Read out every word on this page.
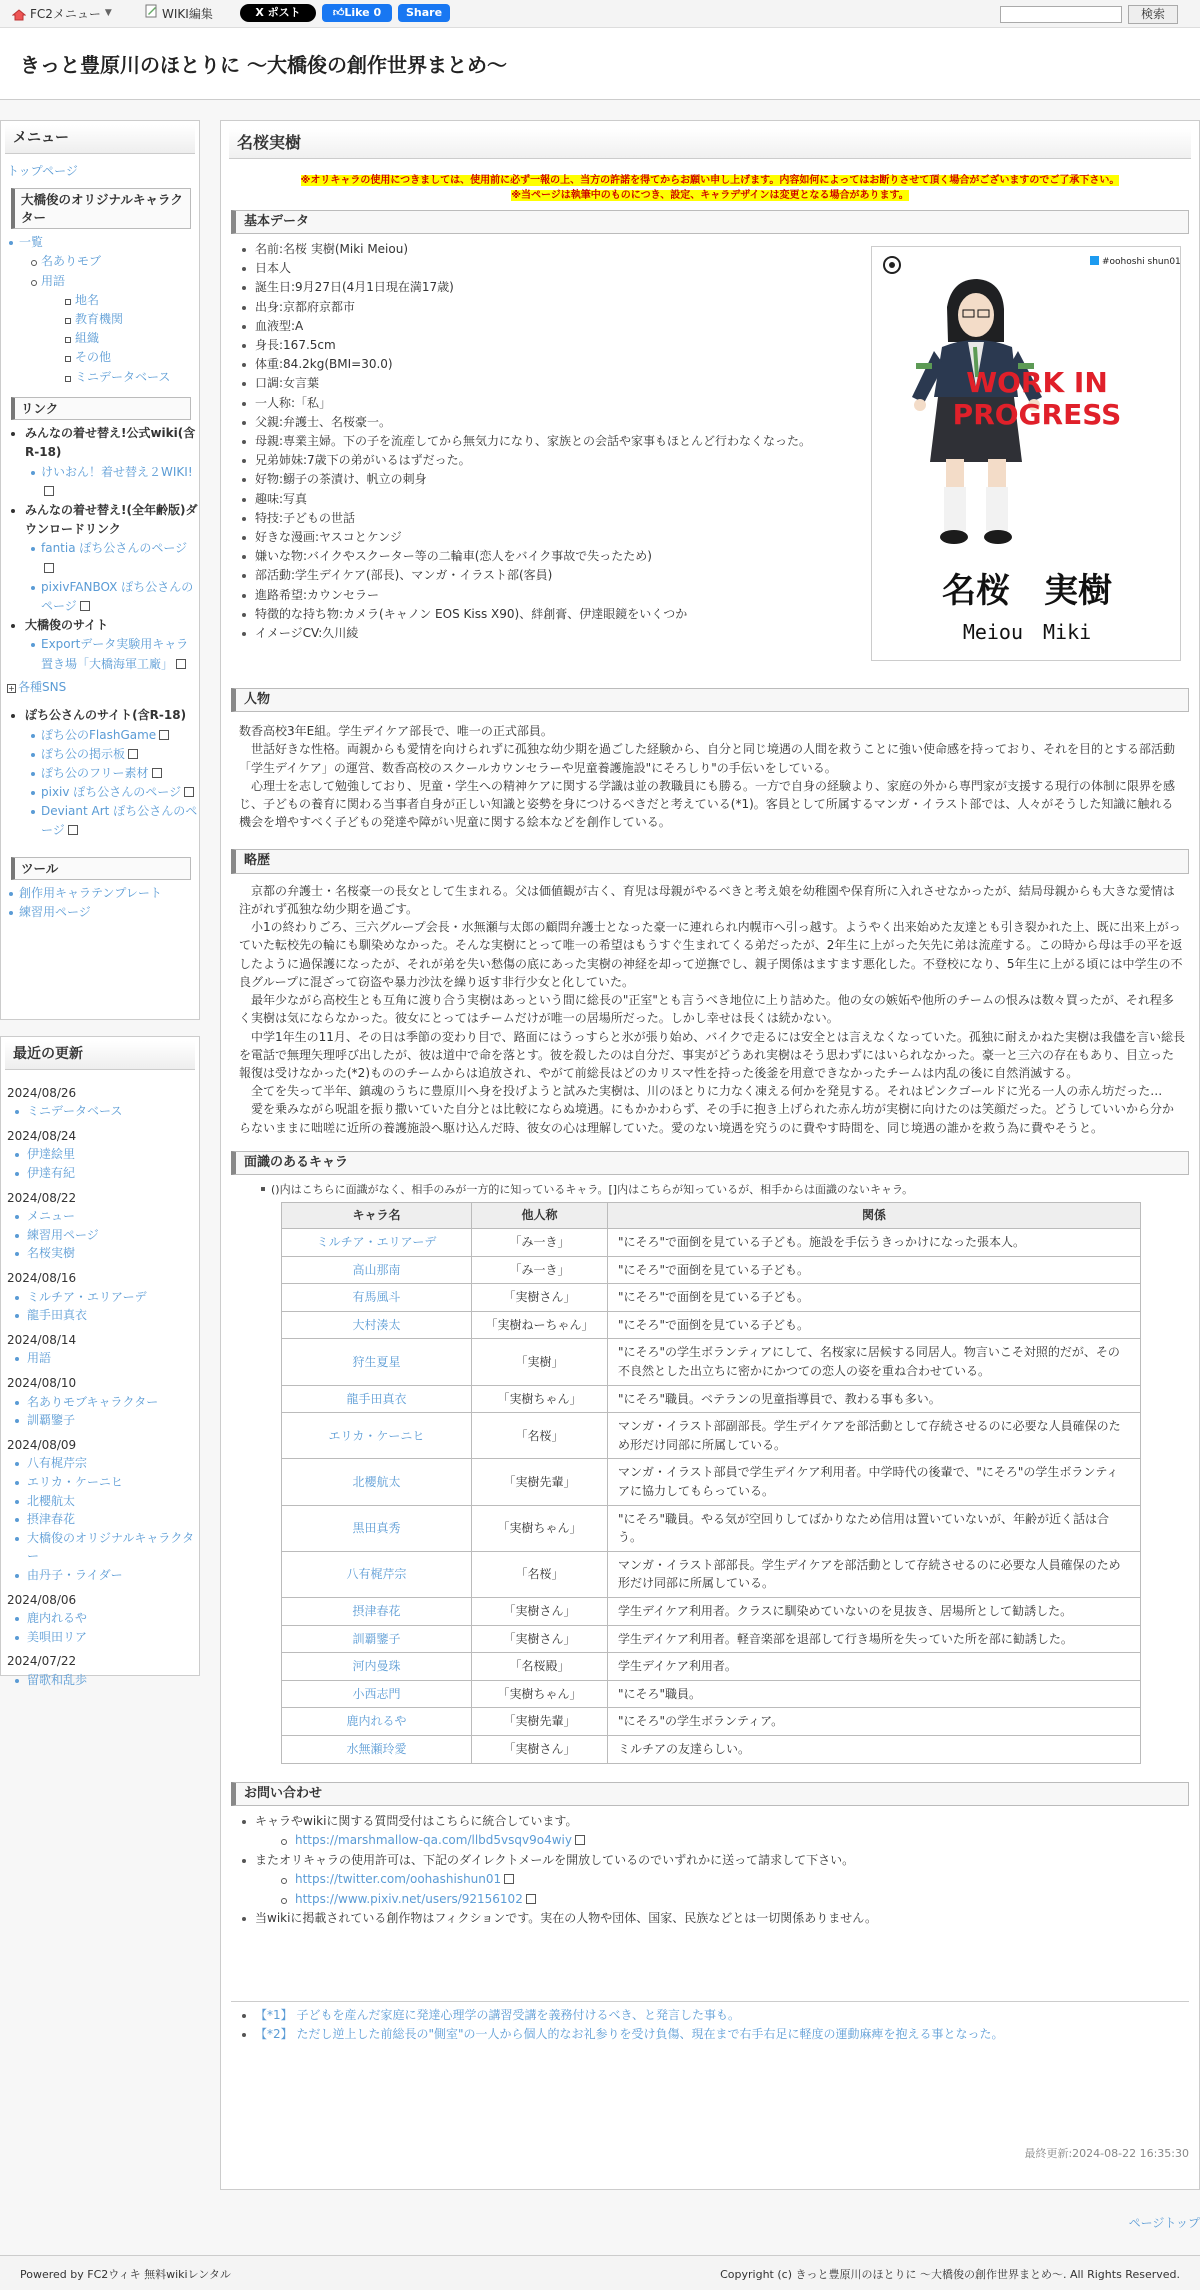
FC2メニュー ▼	WIKI編集	X ポスト	👍︎ Like 0 Share	検索
きっと豊原川のほとりに 〜大橋俊の創作世界まとめ〜
メニュー
トップページ
大橋俊のオリジナルキャラクター
一覧
名ありモブ
用語
地名
教育機関
組織
その他
ミニデータベース
リンク
みんなの着せ替え!公式wiki(含R-18)
けいおん！着せ替え２WIKI!
みんなの着せ替え!(全年齢版)ダウンロードリンク
fantia ぽち公さんのページ
pixivFANBOX ぽち公さんのページ
大橋俊のサイト
Exportデータ実験用キャラ置き場「大橋海軍工廠」
+ 各種SNS
ぽち公さんのサイト(含R-18)
ぽち公のFlashGame
ぽち公の掲示板
ぽち公のフリー素材
pixiv ぽち公さんのページ
Deviant Art ぽち公さんのページ
ツール
創作用キャラテンプレート
練習用ページ
最近の更新
2024/08/26
ミニデータベース
2024/08/24
伊達絵里
伊達有紀
2024/08/22
メニュー
練習用ページ
名桜実樹
2024/08/16
ミルチア・エリアーデ
龍手田真衣
2024/08/14
用語
2024/08/10
名ありモブキャラクター
訓覇鑒子
2024/08/09
八有梶芹宗
エリカ・ケーニヒ
北櫻航太
摂津春花
大橋俊のオリジナルキャラクター
由丹子・ライダー
2024/08/06
鹿内れるや
美唄田リア
2024/07/22
留歌和乱歩
名桜実樹
※オリキャラの使用につきましては、使用前に必ず一報の上、当方の許諾を得てからお願い申し上げます。内容如何によってはお断りさせて頂く場合がございますのでご了承下さい。
※当ページは執筆中のものにつき、設定、キャラデザインは変更となる場合があります。
基本データ
名前:名桜 実樹(Miki Meiou)
日本人
誕生日:9月27日(4月1日現在満17歳)
出身:京都府京都市
血液型:A
身長:167.5cm
体重:84.2kg(BMI=30.0)
口調:女言葉
一人称:「私」
父親:弁護士、名桜豪一。
母親:専業主婦。下の子を流産してから無気力になり、家族との会話や家事もほとんど行わなくなった。
兄弟姉妹:7歳下の弟がいるはずだった。
好物:鰯子の茶漬け、帆立の刺身
趣味:写真
特技:子どもの世話
好きな漫画:ヤスコとケンジ
嫌いな物:バイクやスクーター等の二輪車(恋人をバイク事故で失ったため)
部活動:学生デイケア(部長)、マンガ・イラスト部(客員)
進路希望:カウンセラー
特徴的な持ち物:カメラ(キャノン EOS Kiss X90)、絆創膏、伊達眼鏡をいくつか
イメージCV:久川綾
#oohoshi shun01
WORK IN PROGRESS
名桜　実樹
Meiou　Miki
人物

数香高校3年E組。学生デイケア部長で、唯一の正式部員。

世話好きな性格。両親からも愛情を向けられずに孤独な幼少期を過ごした経験から、自分と同じ境遇の人間を救うことに強い使命感を持っており、それを目的とする部活動「学生デイケア」の運営、数香高校のスクールカウンセラーや児童養護施設"にそろしり"の手伝いをしている。

心理士を志して勉強しており、児童・学生への精神ケアに関する学識は並の教職員にも勝る。一方で自身の経験より、家庭の外から専門家が支援する現行の体制に限界を感じ、子どもの養育に関わる当事者自身が正しい知識と姿勢を身につけるべきだと考えている(*1)。客員として所属するマンガ・イラスト部では、人々がそうした知識に触れる機会を増やすべく子どもの発達や障がい児童に関する絵本などを創作している。

略歴

京都の弁護士・名桜豪一の長女として生まれる。父は価値観が古く、育児は母親がやるべきと考え娘を幼稚園や保育所に入れさせなかったが、結局母親からも大きな愛情は注がれず孤独な幼少期を過ごす。

小1の終わりごろ、三六グループ会長・水無瀬与太郎の顧問弁護士となった豪一に連れられ内幌市へ引っ越す。ようやく出来始めた友達とも引き裂かれた上、既に出来上がっていた転校先の輪にも馴染めなかった。そんな実樹にとって唯一の希望はもうすぐ生まれてくる弟だったが、2年生に上がった矢先に弟は流産する。この時から母は手の平を返したように過保護になったが、それが弟を失い愁傷の底にあった実樹の神経を却って逆撫でし、親子関係はますます悪化した。不登校になり、5年生に上がる頃には中学生の不良グループに混ざって窃盗や暴力沙汰を繰り返す非行少女と化していた。

最年少ながら高校生とも互角に渡り合う実樹はあっという間に総長の"正室"とも言うべき地位に上り詰めた。他の女の嫉妬や他所のチームの恨みは数々買ったが、それ程多く実樹は気にならなかった。彼女にとってはチームだけが唯一の居場所だった。しかし幸せは長くは続かない。

中学1年生の11月、その日は季節の変わり目で、路面にはうっすらと氷が張り始め、バイクで走るには安全とは言えなくなっていた。孤独に耐えかねた実樹は我儘を言い総長を電話で無理矢理呼び出したが、彼は道中で命を落とす。彼を殺したのは自分だ、事実がどうあれ実樹はそう思わずにはいられなかった。豪一と三六の存在もあり、目立った報復は受けなかった(*2)もののチームからは追放され、やがて前総長はどのカリスマ性を持った後釜を用意できなかったチームは内乱の後に自然消滅する。

全てを失って半年、鎮魂のうちに豊原川へ身を投げようと試みた実樹は、川のほとりに力なく凍える何かを発見する。それはピンクゴールドに光る一人の赤ん坊だった…

愛を乗みながら呪詛を振り撒いていた自分とは比較にならぬ境遇。にもかかわらず、その手に抱き上げられた赤ん坊が実樹に向けたのは笑顔だった。どうしていいから分からないままに咄嗟に近所の養護施設へ駆け込んだ時、彼女の心は理解していた。愛のない境遇を究うのに費やす時間を、同じ境遇の誰かを救う為に費やそうと。

面識のあるキャラ
()内はこちらに面識がなく、相手のみが一方的に知っているキャラ。[]内はこちらが知っているが、相手からは面識のないキャラ。
キャラ名	他人称	関係
ミルチア・エリアーデ	「み一き」	"にそろ"で面倒を見ている子ども。施設を手伝うきっかけになった張本人。
高山那南	「み一き」	"にそろ"で面倒を見ている子ども。
有馬風斗	「実樹さん」	"にそろ"で面倒を見ている子ども。
大村湊太	「実樹ねーちゃん」	"にそろ"で面倒を見ている子ども。
狩生夏星	「実樹」	"にそろ"の学生ボランティアにして、名桜家に居候する同居人。物言いこそ対照的だが、その不良然とした出立ちに密かにかつての恋人の姿を重ね合わせている。
龍手田真衣	「実樹ちゃん」	"にそろ"職員。ベテランの児童指導員で、教わる事も多い。
エリカ・ケーニヒ	「名桜」	マンガ・イラスト部副部長。学生デイケアを部活動として存続させるのに必要な人員確保のため形だけ同部に所属している。
北櫻航太	「実樹先輩」	マンガ・イラスト部員で学生デイケア利用者。中学時代の後輩で、"にそろ"の学生ボランティアに協力してもらっている。
黒田真秀	「実樹ちゃん」	"にそろ"職員。やる気が空回りしてばかりなため信用は置いていないが、年齢が近く話は合う。
八有梶芹宗	「名桜」	マンガ・イラスト部部長。学生デイケアを部活動として存続させるのに必要な人員確保のため形だけ同部に所属している。
摂津春花	「実樹さん」	学生デイケア利用者。クラスに馴染めていないのを見抜き、居場所として勧誘した。
訓覇鑒子	「実樹さん」	学生デイケア利用者。軽音楽部を退部して行き場所を失っていた所を部に勧誘した。
河内曼珠	「名桜殿」	学生デイケア利用者。
小西志門	「実樹ちゃん」	"にそろ"職員。
鹿内れるや	「実樹先輩」	"にそろ"の学生ボランティア。
水無瀬玲愛	「実樹さん」	ミルチアの友達らしい。
お問い合わせ
キャラやwikiに関する質問受付はこちらに統合しています。
https://marshmallow-qa.com/llbd5vsqv9o4wiy
またオリキャラの使用許可は、下記のダイレクトメールを開放しているのでいずれかに送って請求して下さい。
https://twitter.com/oohashishun01
https://www.pixiv.net/users/92156102
当wikiに掲載されている創作物はフィクションです。実在の人物や団体、国家、民族などとは一切関係ありません。
【*1】 子どもを産んだ家庭に発達心理学の講習受講を義務付けるべき、と発言した事も。
【*2】 ただし逆上した前総長の"側室"の一人から個人的なお礼参りを受け負傷、現在まで右手右足に軽度の運動麻痺を抱える事となった。
最終更新:2024-08-22 16:35:30
ページトップ
Powered by FC2ウィキ 無料wikiレンタル	Copyright (c) きっと豊原川のほとりに 〜大橋俊の創作世界まとめ〜. All Rights Reserved.
